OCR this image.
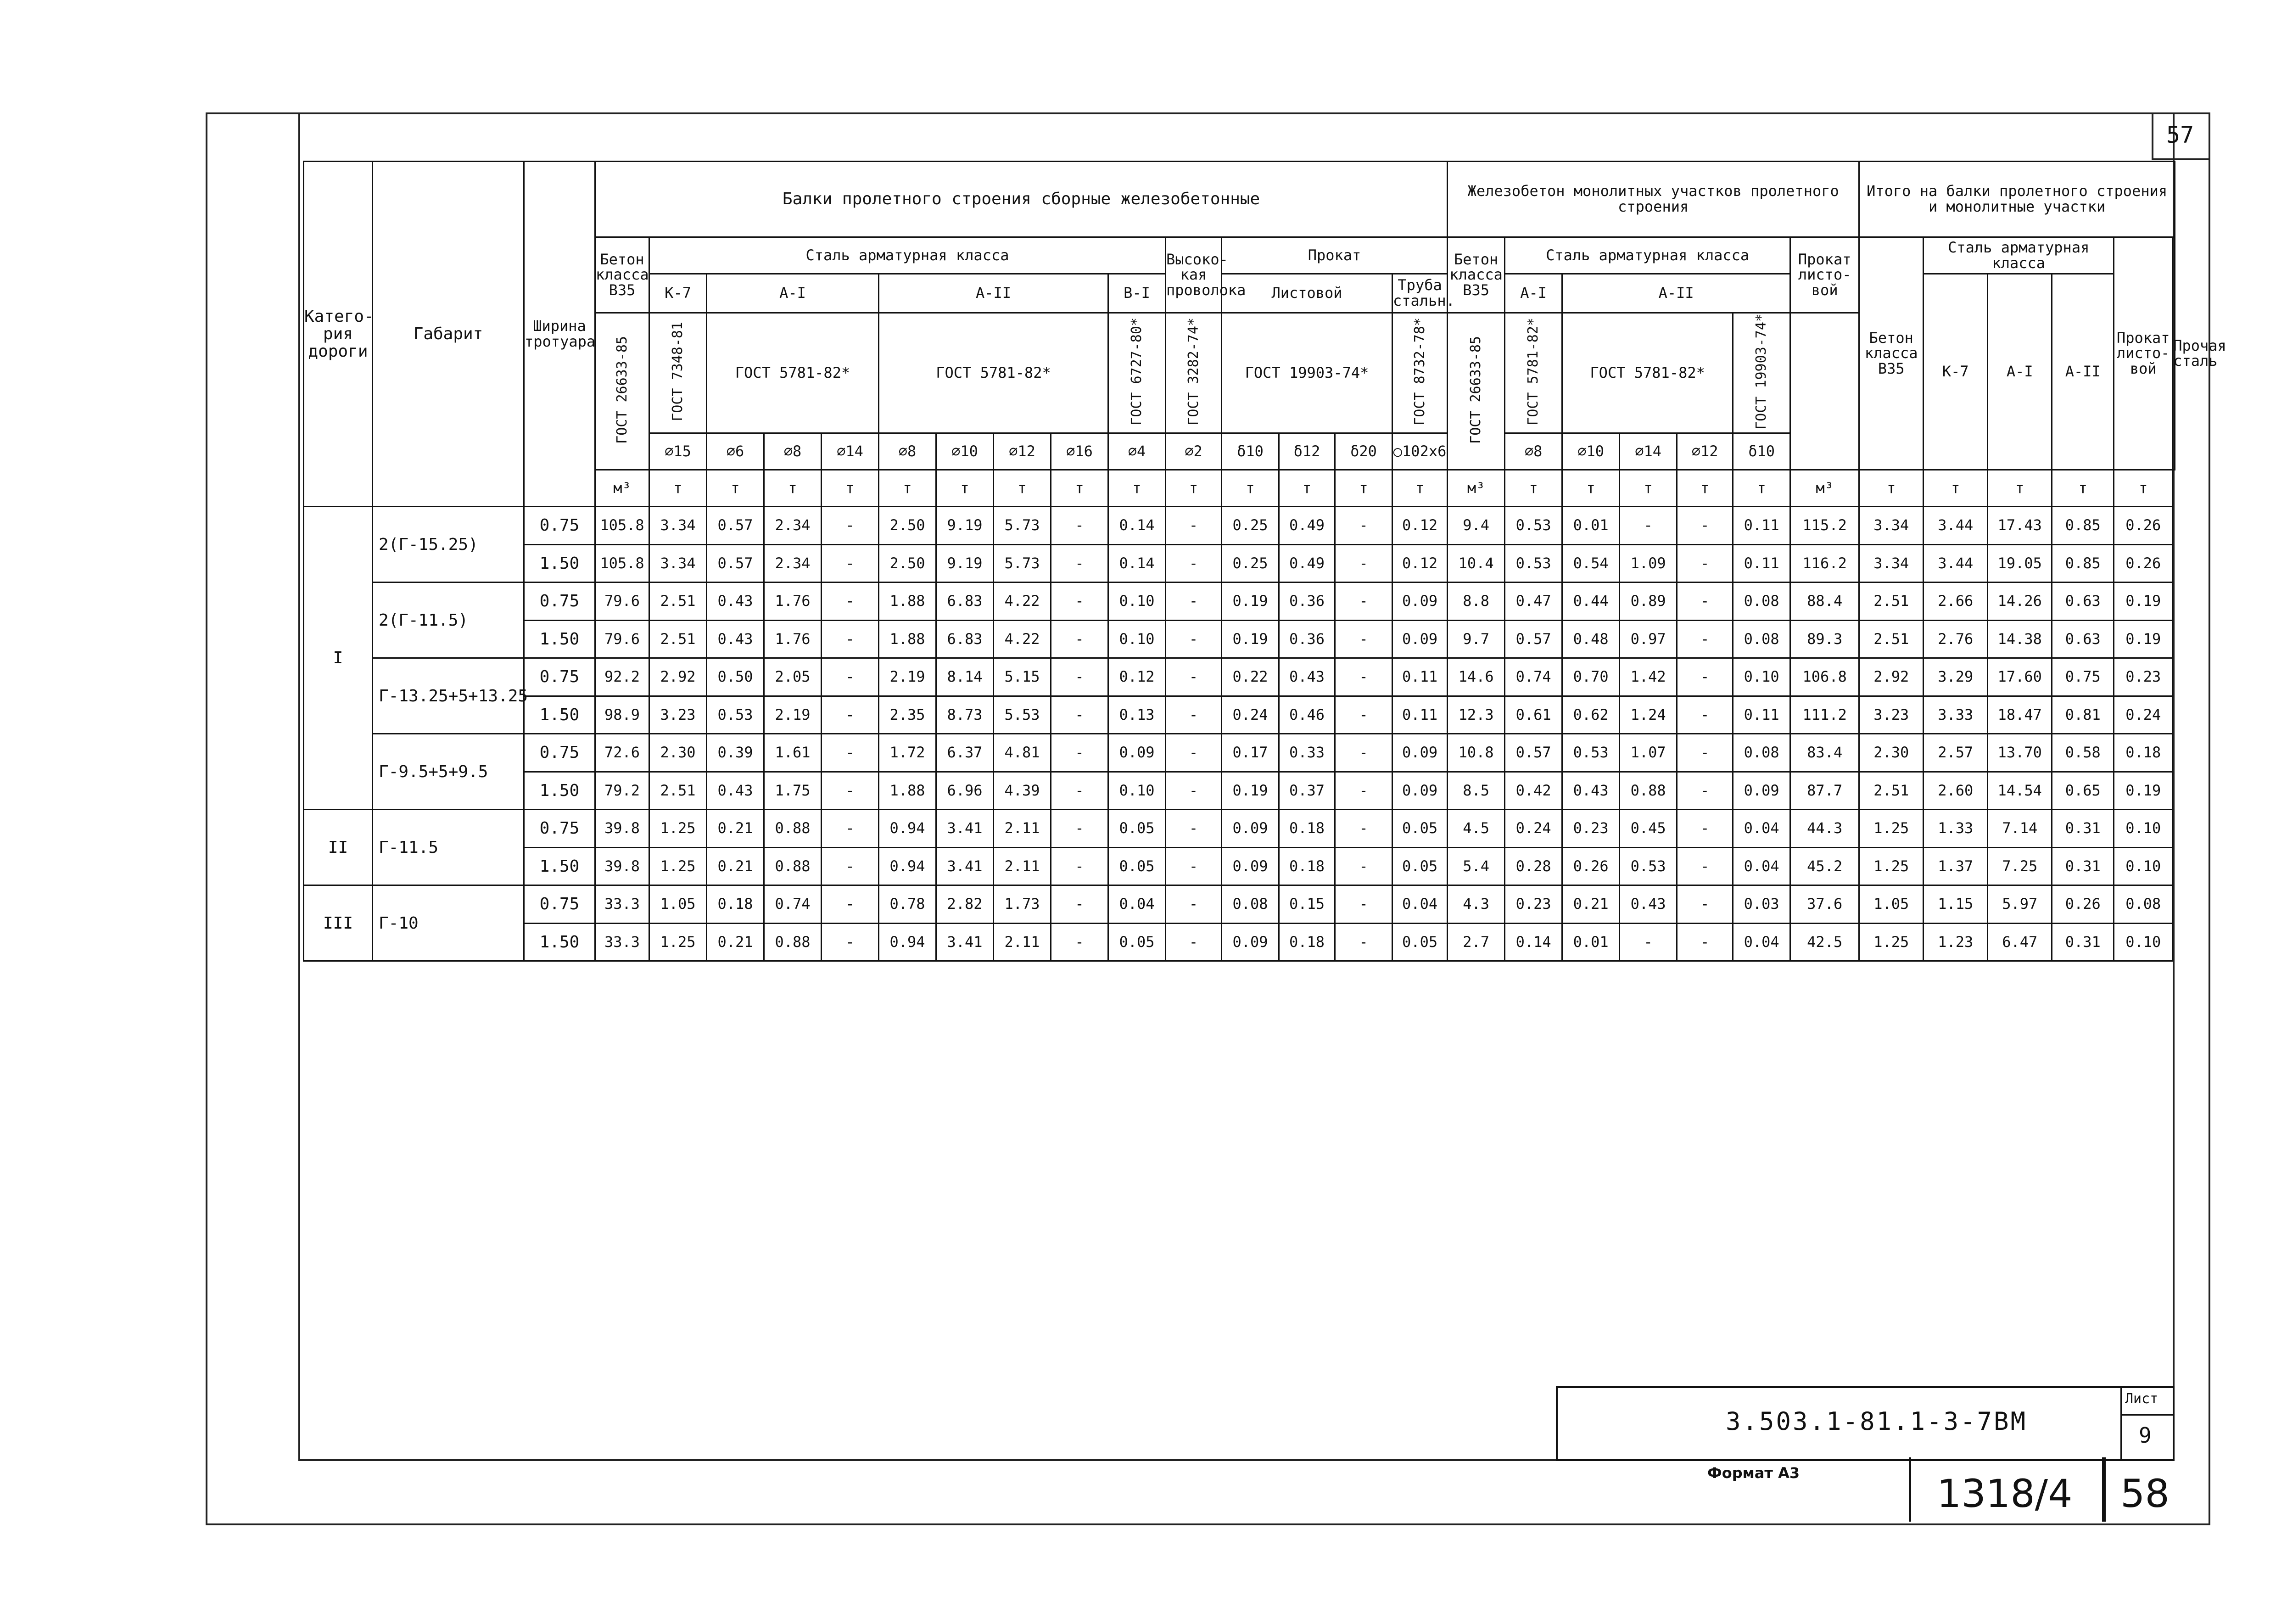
57
Катего-рия дороги	Габарит	Ширина тротуара	Балки пролетного строения сборные железобетонные															Железобетон монолитных участков пролетного строения							Итого на балки пролетного строения и монолитные участки					
			Бетон класса В35	Сталь арматурная класса									Высоко-кая проволока	Прокат				Бетон класса В35	Сталь арматурная класса					Прокат листо-вой	Бетон класса В35	Сталь арматурная класса			Прокат листо-вой	Прочая сталь
				К-7	А-I			А-II				В-I		Листовой			Труба стальн.		А-I	А-II						К-7	А-I	А-II		
			ГОСТ 26633-85	ГОСТ 7348-81	ГОСТ 5781-82*			ГОСТ 5781-82*				ГОСТ 6727-80*	ГОСТ 3282-74*	ГОСТ 19903-74*			ГОСТ 8732-78*	ГОСТ 26633-85	ГОСТ 5781-82*	ГОСТ 5781-82*			ГОСТ 19903-74*							
				∅15	∅6	∅8	∅14	∅8	∅10	∅12	∅16	∅4	∅2	δ10	δ12	δ20	○102х6		∅8	∅10	∅14	∅12	δ10							
			м³	т	т	т	т	т	т	т	т	т	т	т	т	т	т	м³	т	т	т	т	т	м³	т	т	т	т	т	
I	2(Г-15.25)	0.75	105.8	3.34	0.57	2.34	-	2.50	9.19	5.73	-	0.14	-	0.25	0.49	-	0.12	9.4	0.53	0.01	-	-	0.11	115.2	3.34	3.44	17.43	0.85	0.26	
		1.50	105.8	3.34	0.57	2.34	-	2.50	9.19	5.73	-	0.14	-	0.25	0.49	-	0.12	10.4	0.53	0.54	1.09	-	0.11	116.2	3.34	3.44	19.05	0.85	0.26	
	2(Г-11.5)	0.75	79.6	2.51	0.43	1.76	-	1.88	6.83	4.22	-	0.10	-	0.19	0.36	-	0.09	8.8	0.47	0.44	0.89	-	0.08	88.4	2.51	2.66	14.26	0.63	0.19	
		1.50	79.6	2.51	0.43	1.76	-	1.88	6.83	4.22	-	0.10	-	0.19	0.36	-	0.09	9.7	0.57	0.48	0.97	-	0.08	89.3	2.51	2.76	14.38	0.63	0.19	
	Г-13.25+5+13.25	0.75	92.2	2.92	0.50	2.05	-	2.19	8.14	5.15	-	0.12	-	0.22	0.43	-	0.11	14.6	0.74	0.70	1.42	-	0.10	106.8	2.92	3.29	17.60	0.75	0.23	
		1.50	98.9	3.23	0.53	2.19	-	2.35	8.73	5.53	-	0.13	-	0.24	0.46	-	0.11	12.3	0.61	0.62	1.24	-	0.11	111.2	3.23	3.33	18.47	0.81	0.24	
	Г-9.5+5+9.5	0.75	72.6	2.30	0.39	1.61	-	1.72	6.37	4.81	-	0.09	-	0.17	0.33	-	0.09	10.8	0.57	0.53	1.07	-	0.08	83.4	2.30	2.57	13.70	0.58	0.18	
		1.50	79.2	2.51	0.43	1.75	-	1.88	6.96	4.39	-	0.10	-	0.19	0.37	-	0.09	8.5	0.42	0.43	0.88	-	0.09	87.7	2.51	2.60	14.54	0.65	0.19	
II	Г-11.5	0.75	39.8	1.25	0.21	0.88	-	0.94	3.41	2.11	-	0.05	-	0.09	0.18	-	0.05	4.5	0.24	0.23	0.45	-	0.04	44.3	1.25	1.33	7.14	0.31	0.10	
		1.50	39.8	1.25	0.21	0.88	-	0.94	3.41	2.11	-	0.05	-	0.09	0.18	-	0.05	5.4	0.28	0.26	0.53	-	0.04	45.2	1.25	1.37	7.25	0.31	0.10	
III	Г-10	0.75	33.3	1.05	0.18	0.74	-	0.78	2.82	1.73	-	0.04	-	0.08	0.15	-	0.04	4.3	0.23	0.21	0.43	-	0.03	37.6	1.05	1.15	5.97	0.26	0.08	
		1.50	33.3	1.25	0.21	0.88	-	0.94	3.41	2.11	-	0.05	-	0.09	0.18	-	0.05	2.7	0.14	0.01	-	-	0.04	42.5	1.25	1.23	6.47	0.31	0.10	
3.503.1-81.1-3-7ВМ
Лист
9
Формат А3	1318/4 58
